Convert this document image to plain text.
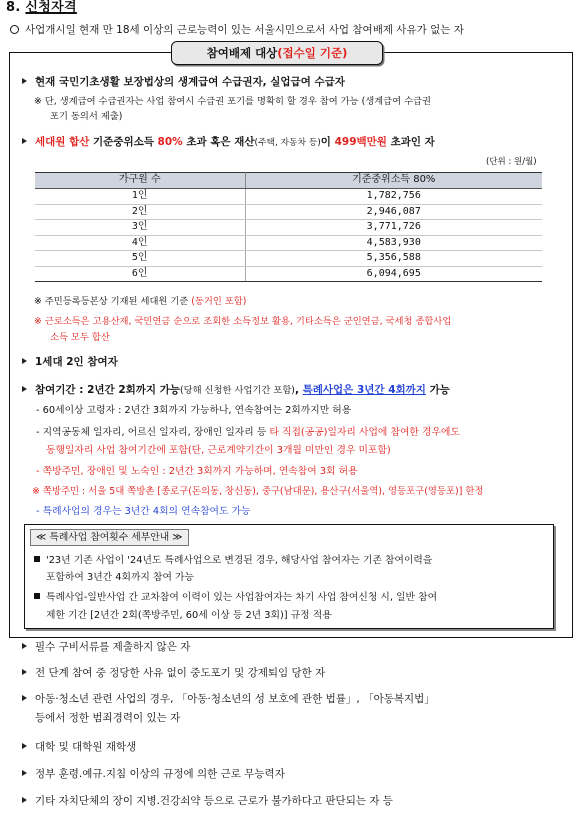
8. 신청자격
사업개시일 현재 만 18세 이상의 근로능력이 있는 서울시민으로서 사업 참여배제 사유가 없는 자
참여배제 대상(접수일 기준)
현재 국민기초생활 보장법상의 생계급여 수급권자, 실업급여 수급자
※ 단, 생계급여 수급권자는 사업 참여시 수급권 포기를 명확히 할 경우 참여 가능 (생계급여 수급권
포기 동의서 제출)
세대원 합산 기준중위소득 80% 초과 혹은 재산(주택, 자동차 등)이 499백만원 초과인 자
(단위 : 원/월)
가구원 수	기준중위소득 80%
1인	1,782,756
2인	2,946,087
3인	3,771,726
4인	4,583,930
5인	5,356,588
6인	6,094,695
※ 주민등록등본상 기재된 세대원 기준 (동거인 포함)
※ 근로소득은 고용산재, 국민연금 순으로 조회한 소득정보 활용, 기타소득은 군인연금, 국세청 종합사업
소득 모두 합산
1세대 2인 참여자
참여기간 : 2년간 2회까지 가능(당해 신청한 사업기간 포함), 특례사업은 3년간 4회까지 가능
- 60세이상 고령자 : 2년간 3회까지 가능하나, 연속참여는 2회까지만 허용
- 지역공동체 일자리, 어르신 일자리, 장애인 일자리 등 타 직접(공공)일자리 사업에 참여한 경우에도
동행일자리 사업 참여기간에 포함(단, 근로계약기간이 3개월 미만인 경우 미포함)
- 쪽방주민, 장애인 및 노숙인 : 2년간 3회까지 가능하며, 연속참여 3회 허용
※ 쪽방주민 : 서울 5대 쪽방촌 [종로구(돈의동, 창신동), 중구(남대문), 용산구(서울역), 영등포구(영등포)] 한정
- 특례사업의 경우는 3년간 4회의 연속참여도 가능
≪ 특례사업 참여횟수 세부안내 ≫
'23년 기존 사업이 '24년도 특례사업으로 변경된 경우, 해당사업 참여자는 기존 참여이력을
포함하여 3년간 4회까지 참여 가능
특례사업-일반사업 간 교차참여 이력이 있는 사업참여자는 차기 사업 참여신청 시, 일반 참여
제한 기간 [2년간 2회(쪽방주민, 60세 이상 등 2년 3회)] 규정 적용
필수 구비서류를 제출하지 않은 자
전 단계 참여 중 정당한 사유 없이 중도포기 및 강제퇴임 당한 자
아동·청소년 관련 사업의 경우, 「아동·청소년의 성 보호에 관한 법률」, 「아동복지법」
등에서 정한 범죄경력이 있는 자
대학 및 대학원 재학생
정부 훈령.예규.지침 이상의 규정에 의한 근로 무능력자
기타 자치단체의 장이 지병.건강쇠약 등으로 근로가 불가하다고 판단되는 자 등
